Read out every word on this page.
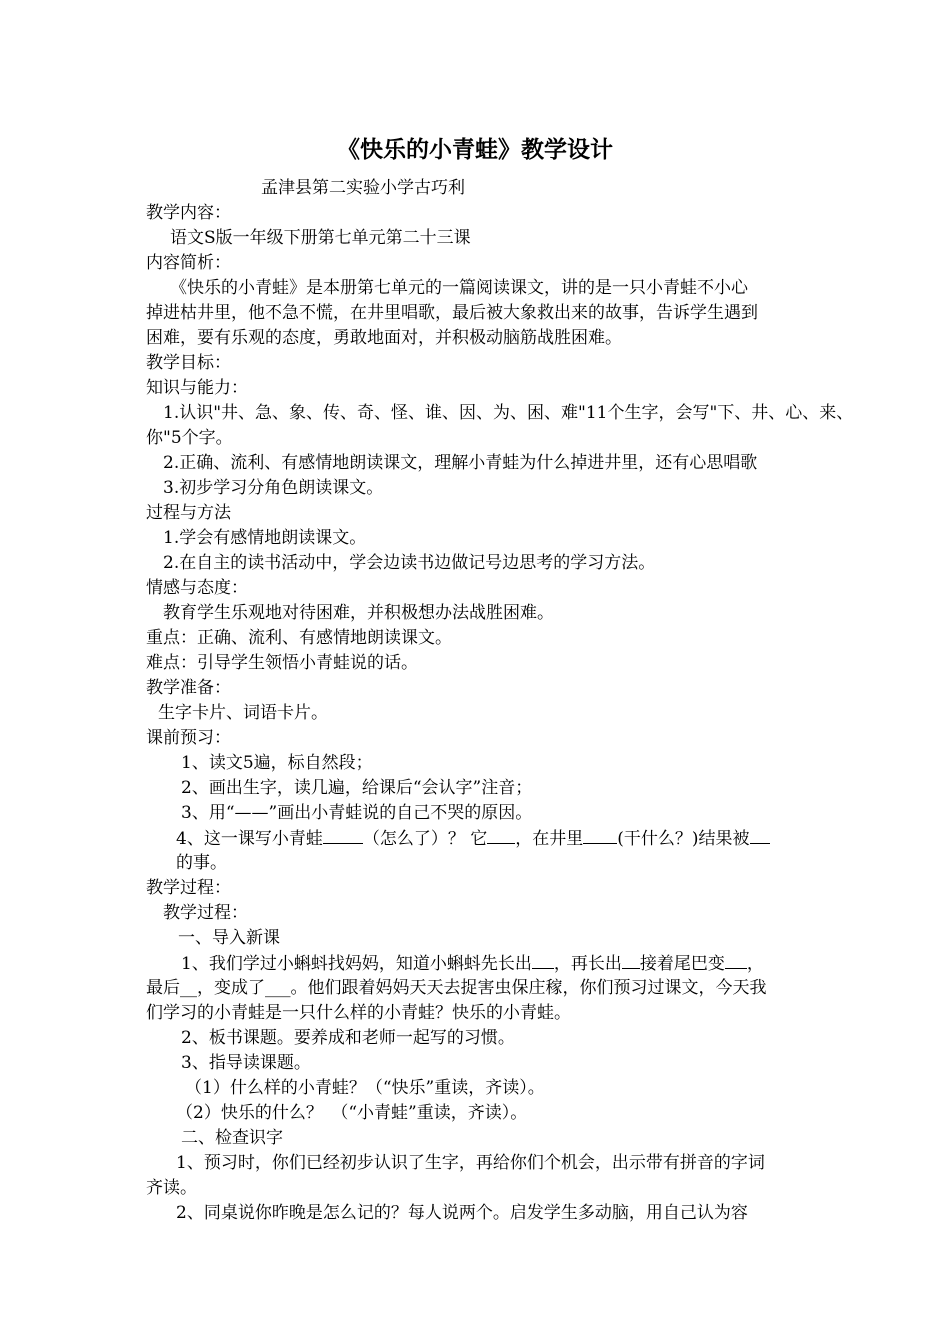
《快乐的小青蛙》教学设计
孟津县第二实验小学古巧利
教学内容：
语文S版一年级下册第七单元第二十三课
内容简析：
《快乐的小青蛙》是本册第七单元的一篇阅读课文，讲的是一只小青蛙不小心
掉进枯井里，他不急不慌，在井里唱歌，最后被大象救出来的故事，告诉学生遇到
困难，要有乐观的态度，勇敢地面对，并积极动脑筋战胜困难。
教学目标：
知识与能力：
1.认识"井、急、象、传、奇、怪、谁、因、为、困、难"11个生字，会写"下、井、心、来、
你"5个字。
2.正确、流利、有感情地朗读课文，理解小青蛙为什么掉进井里，还有心思唱歌
3.初步学习分角色朗读课文。
过程与方法
1.学会有感情地朗读课文。
2.在自主的读书活动中，学会边读书边做记号边思考的学习方法。
情感与态度：
教育学生乐观地对待困难，并积极想办法战胜困难。
重点：正确、流利、有感情地朗读课文。
难点：引导学生领悟小青蛙说的话。
教学准备：
生字卡片、词语卡片。
课前预习：
1、读文5遍，标自然段；
2、画出生字，读几遍，给课后“会认字”注音；
3、用“——”画出小青蛙说的自己不哭的原因。
的事。
教学过程：
教学过程：
一、导入新课
最后__，变成了___。他们跟着妈妈天天去捉害虫保庄稼，你们预习过课文，今天我
们学习的小青蛙是一只什么样的小青蛙？快乐的小青蛙。
2、板书课题。要养成和老师一起写的习惯。
3、指导读课题。
（1）什么样的小青蛙？（“快乐”重读，齐读）。
（2）快乐的什么？　（“小青蛙”重读，齐读）。
二、检查识字
1、预习时，你们已经初步认识了生字，再给你们个机会，出示带有拼音的字词
齐读。
2、同桌说你昨晚是怎么记的？每人说两个。启发学生多动脑，用自己认为容
4、这一课写小青蛙 （怎么了）？ 它 ，在井里 (干什么？)结果被
1、我们学过小蝌蚪找妈妈，知道小蝌蚪先长出 ，再长出 接着尾巴变 ，
